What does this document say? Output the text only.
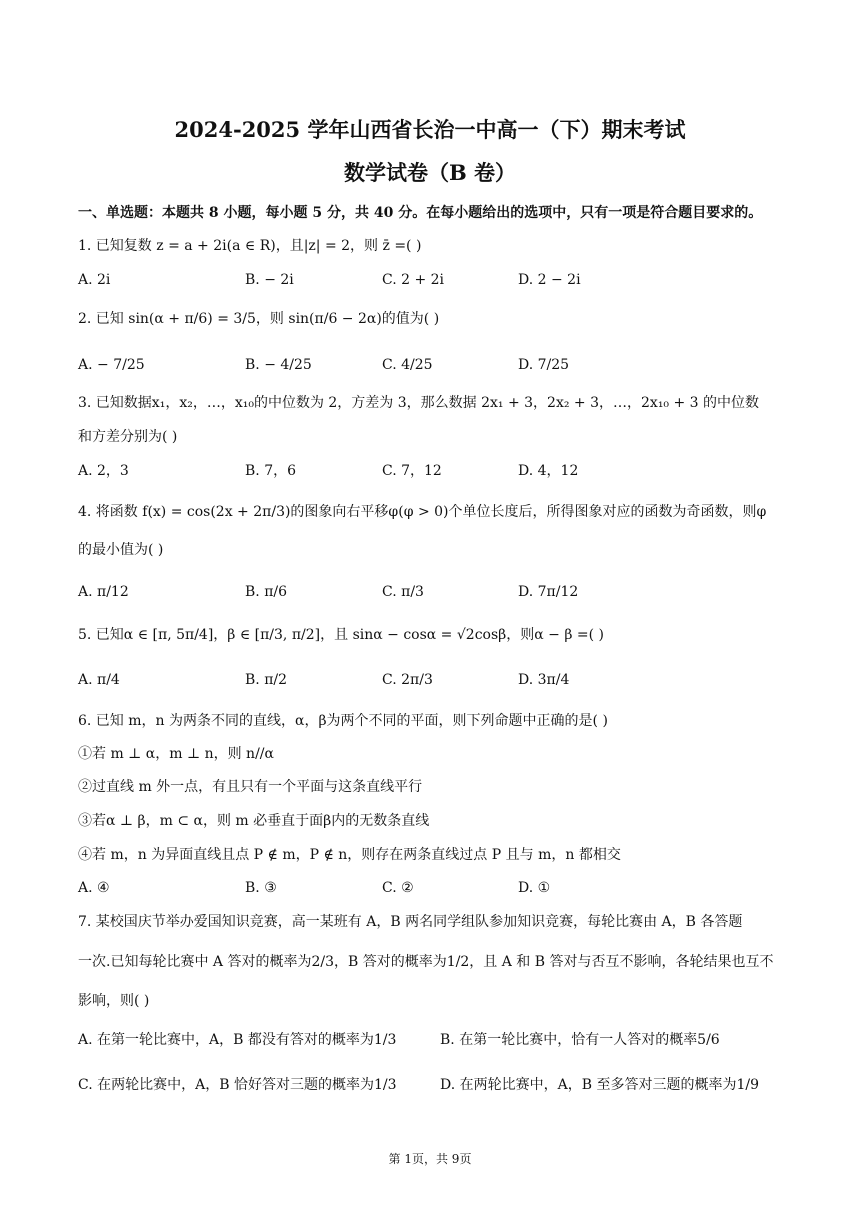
2024-2025 学年山西省长治一中高一（下）期末考试
数学试卷（B 卷）
一、单选题：本题共 8 小题，每小题 5 分，共 40 分。在每小题给出的选项中，只有一项是符合题目要求的。
1. 已知复数 z = a + 2i(a ∈ R)，且|z| = 2，则 z̄ =( )
A. 2i	B. − 2i	C. 2 + 2i	D. 2 − 2i
2. 已知 sin(α + π/6) = 3/5，则 sin(π/6 − 2α)的值为( )
A. − 7/25	B. − 4/25	C. 4/25	D. 7/25
3. 已知数据x₁，x₂，…，x₁₀的中位数为 2，方差为 3，那么数据 2x₁ + 3，2x₂ + 3，…，2x₁₀ + 3 的中位数
和方差分别为( )
A. 2，3	B. 7，6	C. 7，12	D. 4，12
4. 将函数 f(x) = cos(2x + 2π/3)的图象向右平移φ(φ > 0)个单位长度后，所得图象对应的函数为奇函数，则φ
的最小值为( )
A. π/12	B. π/6	C. π/3	D. 7π/12
5. 已知α ∈ [π, 5π/4]，β ∈ [π/3, π/2]，且 sinα − cosα = √2cosβ，则α − β =( )
A. π/4	B. π/2	C. 2π/3	D. 3π/4
6. 已知 m，n 为两条不同的直线，α，β为两个不同的平面，则下列命题中正确的是( )
①若 m ⊥ α，m ⊥ n，则 n//α
②过直线 m 外一点，有且只有一个平面与这条直线平行
③若α ⊥ β，m ⊂ α，则 m 必垂直于面β内的无数条直线
④若 m，n 为异面直线且点 P ∉ m，P ∉ n，则存在两条直线过点 P 且与 m，n 都相交
A. ④	B. ③	C. ②	D. ①
7. 某校国庆节举办爱国知识竞赛，高一某班有 A，B 两名同学组队参加知识竞赛，每轮比赛由 A，B 各答题
一次.已知每轮比赛中 A 答对的概率为2/3，B 答对的概率为1/2，且 A 和 B 答对与否互不影响，各轮结果也互不
影响，则( )
A. 在第一轮比赛中，A，B 都没有答对的概率为1/3	B. 在第一轮比赛中，恰有一人答对的概率5/6
C. 在两轮比赛中，A，B 恰好答对三题的概率为1/3	D. 在两轮比赛中，A，B 至多答对三题的概率为1/9
第 1页，共 9页
